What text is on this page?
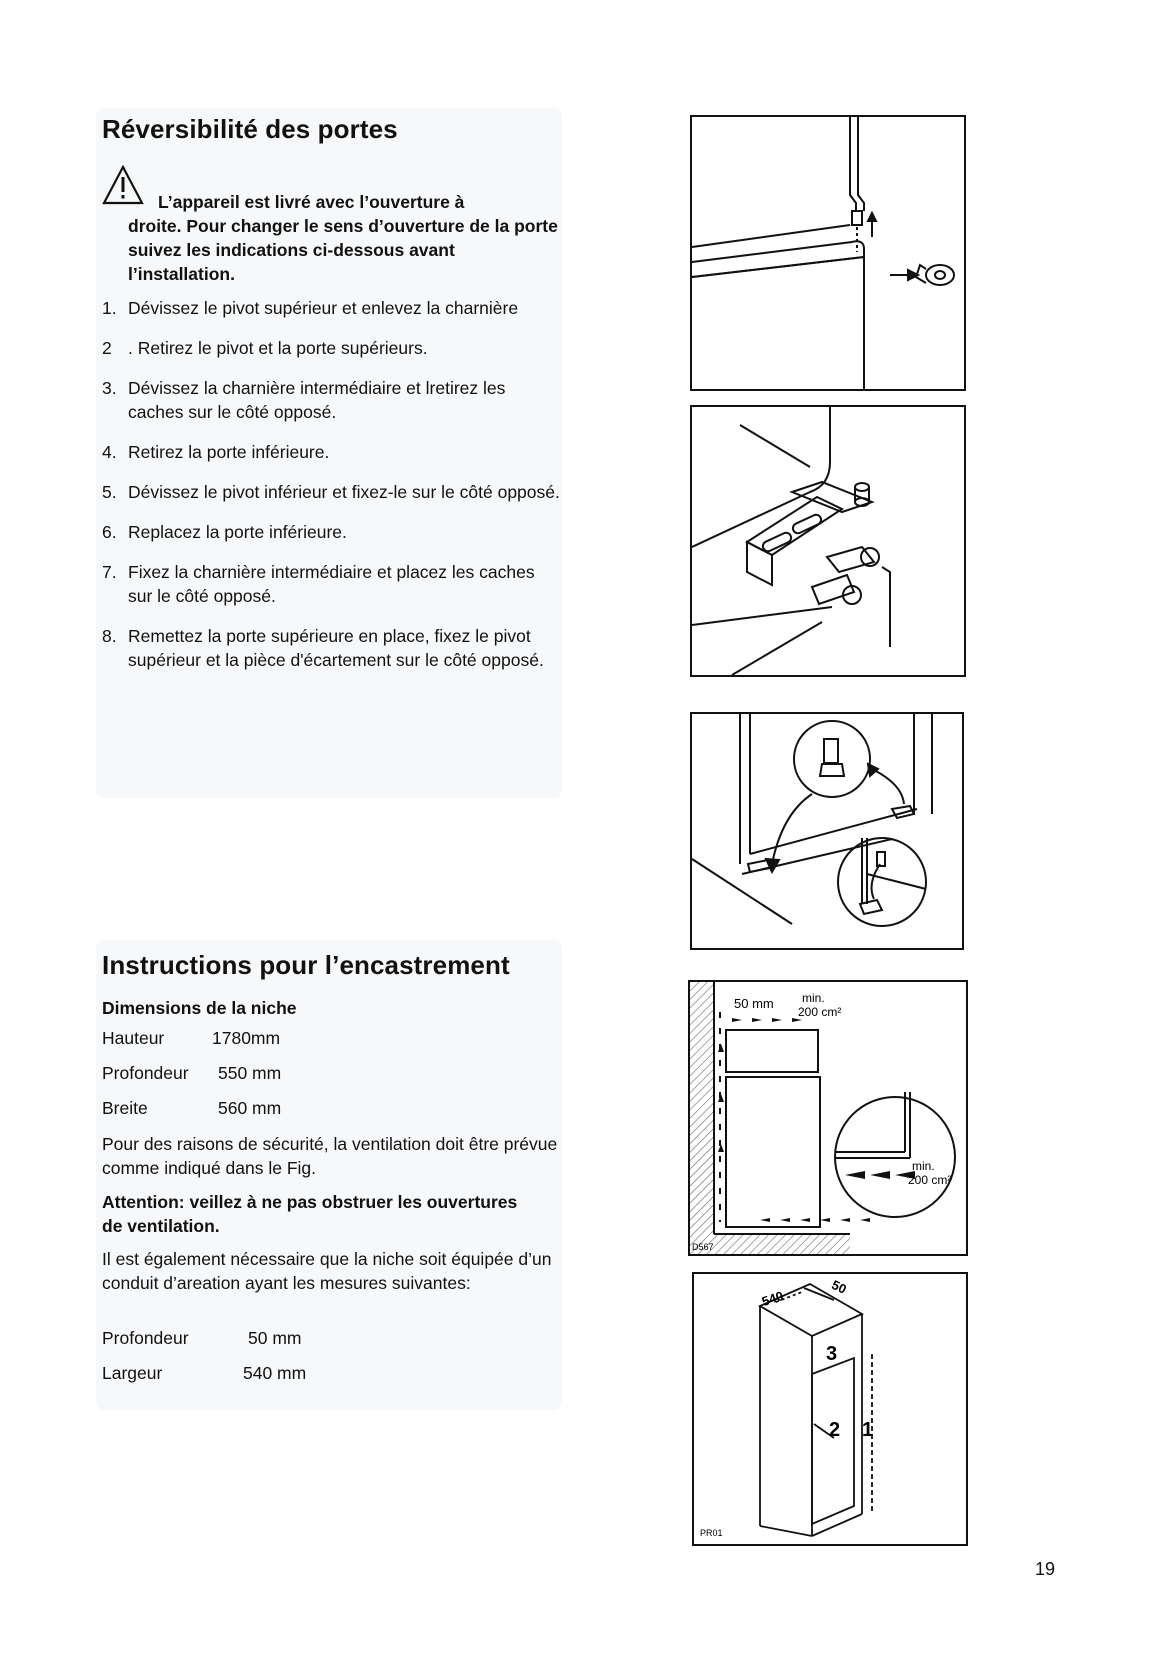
Réversibilité des portes
L’appareil est livré avec l’ouverture à
droite. Pour changer le sens d’ouverture de la porte suivez les indications ci-dessous avant l’installation.
1. Dévissez le pivot supérieur et enlevez la charnière
2 . Retirez le pivot et la porte supérieurs.
3. Dévissez la charnière intermédiaire et lretirez les caches sur le côté opposé.
4. Retirez la porte inférieure.
5. Dévissez le pivot inférieur et fixez-le sur le côté opposé.
6. Replacez la porte inférieure.
7. Fixez la charnière intermédiaire et placez les caches sur le côté opposé.
8. Remettez la porte supérieure en place, fixez le pivot supérieur et la pièce d'écartement sur le côté opposé.
Instructions pour l’encastrement
Dimensions de la niche
Hauteur	1780mm
Profondeur 550 mm
Breite	560 mm
Pour des raisons de sécurité, la ventilation doit être prévue comme indiqué dans le Fig.
Attention: veillez à ne pas obstruer les ouvertures de ventilation.
Il est également nécessaire que la niche soit équipée d’un conduit d’areation ayant les mesures suivantes:
Profondeur	50 mm
Largeur	540 mm
50 mm min.
200 cm²
min.
200 cm²
D567
540
50
3
2 1
PR01
19
